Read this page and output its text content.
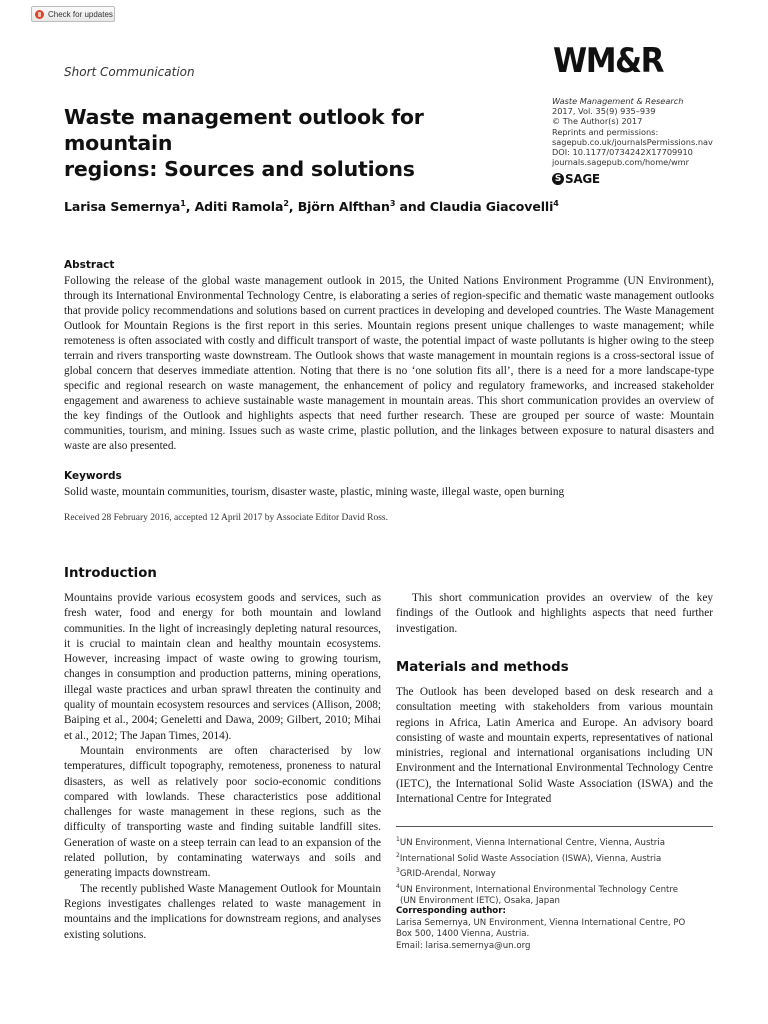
Check for updates
Short Communication	WM&R
Waste Management & Research
2017, Vol. 35(9) 935–939
© The Author(s) 2017
Reprints and permissions:
sagepub.co.uk/journalsPermissions.nav
DOI: 10.1177/0734242X17709910
journals.sagepub.com/home/wmr
S SAGE
Waste management outlook for mountain
regions: Sources and solutions
Larisa Semernya$^1$, Aditi Ramola$^2$, Björn Alfthan$^3$ and Claudia Giacovelli$^4$
Abstract
Following the release of the global waste management outlook in 2015, the United Nations Environment Programme (UN Environment), through its International Environmental Technology Centre, is elaborating a series of region-specific and thematic waste management outlooks that provide policy recommendations and solutions based on current practices in developing and developed countries. The Waste Management Outlook for Mountain Regions is the first report in this series. Mountain regions present unique challenges to waste management; while remoteness is often associated with costly and difficult transport of waste, the potential impact of waste pollutants is higher owing to the steep terrain and rivers transporting waste downstream. The Outlook shows that waste management in mountain regions is a cross-sectoral issue of global concern that deserves immediate attention. Noting that there is no ‘one solution fits all’, there is a need for a more landscape-type specific and regional research on waste management, the enhancement of policy and regulatory frameworks, and increased stakeholder engagement and awareness to achieve sustainable waste management in mountain areas. This short communication provides an overview of the key findings of the Outlook and highlights aspects that need further research. These are grouped per source of waste: Mountain communities, tourism, and mining. Issues such as waste crime, plastic pollution, and the linkages between exposure to natural disasters and waste are also presented.
Keywords
Solid waste, mountain communities, tourism, disaster waste, plastic, mining waste, illegal waste, open burning
Received 28 February 2016, accepted 12 April 2017 by Associate Editor David Ross.
Introduction

Mountains provide various ecosystem goods and services, such as fresh water, food and energy for both mountain and lowland communities. In the light of increasingly depleting natural resources, it is crucial to maintain clean and healthy mountain ecosystems. However, increasing impact of waste owing to growing tourism, changes in consumption and production patterns, mining operations, illegal waste practices and urban sprawl threaten the continuity and quality of mountain ecosystem resources and services (Allison, 2008; Baiping et al., 2004; Geneletti and Dawa, 2009; Gilbert, 2010; Mihai et al., 2012; The Japan Times, 2014).

Mountain environments are often characterised by low temperatures, difficult topography, remoteness, proneness to natural disasters, as well as relatively poor socio-economic conditions compared with lowlands. These characteristics pose additional challenges for waste management in these regions, such as the difficulty of transporting waste and finding suitable landfill sites. Generation of waste on a steep terrain can lead to an expansion of the related pollution, by contaminating waterways and soils and generating impacts downstream.

The recently published Waste Management Outlook for Mountain Regions investigates challenges related to waste management in mountains and the implications for downstream regions, and analyses existing solutions.

This short communication provides an overview of the key findings of the Outlook and highlights aspects that need further investigation.

Materials and methods

The Outlook has been developed based on desk research and a consultation meeting with stakeholders from various mountain regions in Africa, Latin America and Europe. An advisory board consisting of waste and mountain experts, representatives of national ministries, regional and international organisations including UN Environment and the International Environmental Technology Centre (IETC), the International Solid Waste Association (ISWA) and the International Centre for Integrated

$^1$UN Environment, Vienna International Centre, Vienna, Austria
$^2$International Solid Waste Association (ISWA), Vienna, Austria
$^3$GRID-Arendal, Norway
$^4$UN Environment, International Environmental Technology Centre
(UN Environment IETC), Osaka, Japan
Corresponding author:
Larisa Semernya, UN Environment, Vienna International Centre, PO
Box 500, 1400 Vienna, Austria.
Email: larisa.semernya@un.org
